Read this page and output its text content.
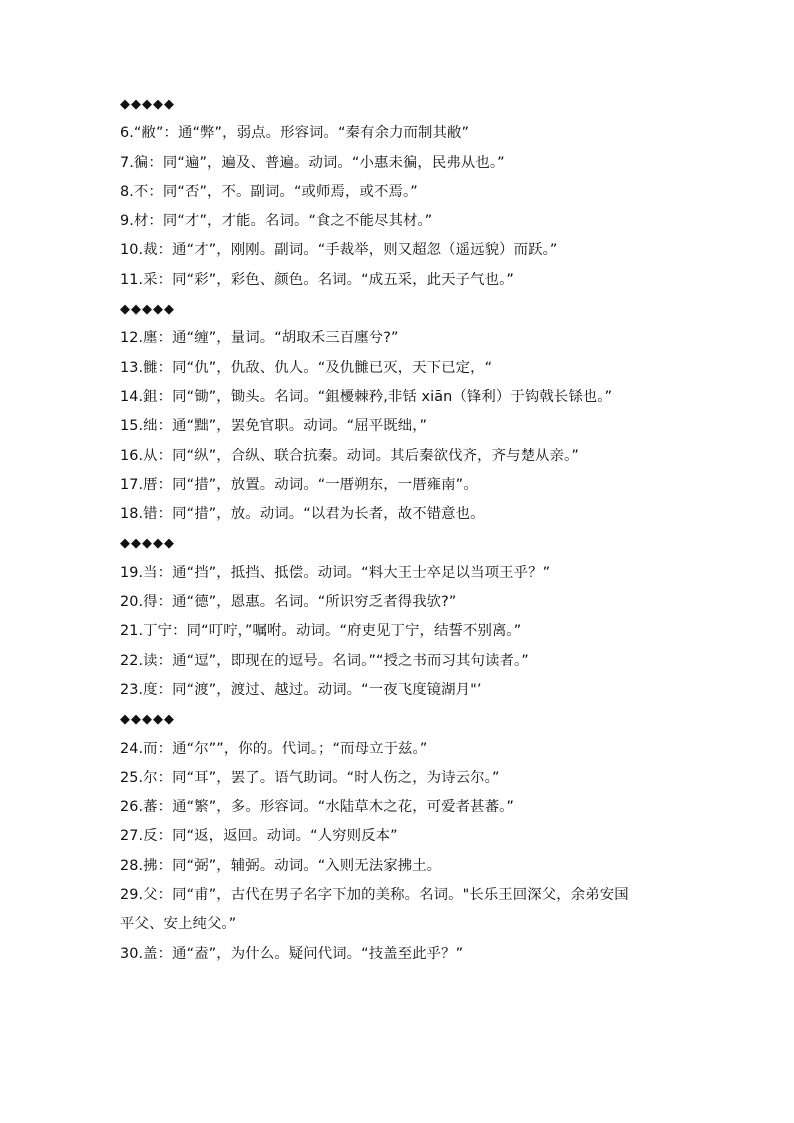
◆◆◆◆◆
6.“敝”：通“弊”，弱点。形容词。“秦有余力而制其敝”
7.徧：同“遍”，遍及、普遍。动词。“小惠未徧，民弗从也。”
8.不：同“否”，不。副词。“或师焉，或不焉。”
9.材：同“才”，才能。名词。“食之不能尽其材。”
10.裁：通“才”，刚刚。副词。“手裁举，则又超忽（遥远貌）而跃。”
11.采：同“彩”，彩色、颜色。名词。“成五采，此天子气也。”
◆◆◆◆◆
12.廛：通“缠”，量词。“胡取禾三百廛兮?”
13.雠：同“仇”，仇敌、仇人。“及仇雠已灭，天下已定，“
14.鉏：同“锄”，锄头。名词。“鉏櫌棘矜,非铦 xiān（锋利）于钩戟长铩也。”
15.绌：通“黜”，罢免官职。动词。“屈平既绌，”
16.从：同“纵”，合纵、联合抗秦。动词。其后秦欲伐齐，齐与楚从亲。”
17.厝：同“措”，放置。动词。“一厝朔东，一厝雍南”。
18.错：同“措”，放。动词。“以君为长者，故不错意也。
◆◆◆◆◆
19.当：通“挡”，抵挡、抵偿。动词。“料大王士卒足以当项王乎？”
20.得：通“德”，恩惠。名词。“所识穷乏者得我欤?”
21.丁宁：同“叮咛，”嘱咐。动词。“府吏见丁宁，结誓不别离。”
22.读：通“逗”，即现在的逗号。名词。”“授之书而习其句读者。”
23.度：同“渡”，渡过、越过。动词。“一夜飞度镜湖月"’
◆◆◆◆◆
24.而：通“尔””，你的。代词。；“而母立于兹。”
25.尔：同“耳”，罢了。语气助词。“时人伤之，为诗云尔。”
26.蕃：通“繁”，多。形容词。“水陆草木之花，可爱者甚蕃。”
27.反：同“返，返回。动词。“人穷则反本”
28.拂：同“弼”，辅弼。动词。“入则无法家拂土。
29.父：同“甫”，古代在男子名字下加的美称。名词。"长乐王回深父，余弟安国
平父、安上纯父。”
30.盖：通“盍”，为什么。疑问代词。“技盖至此乎？”
